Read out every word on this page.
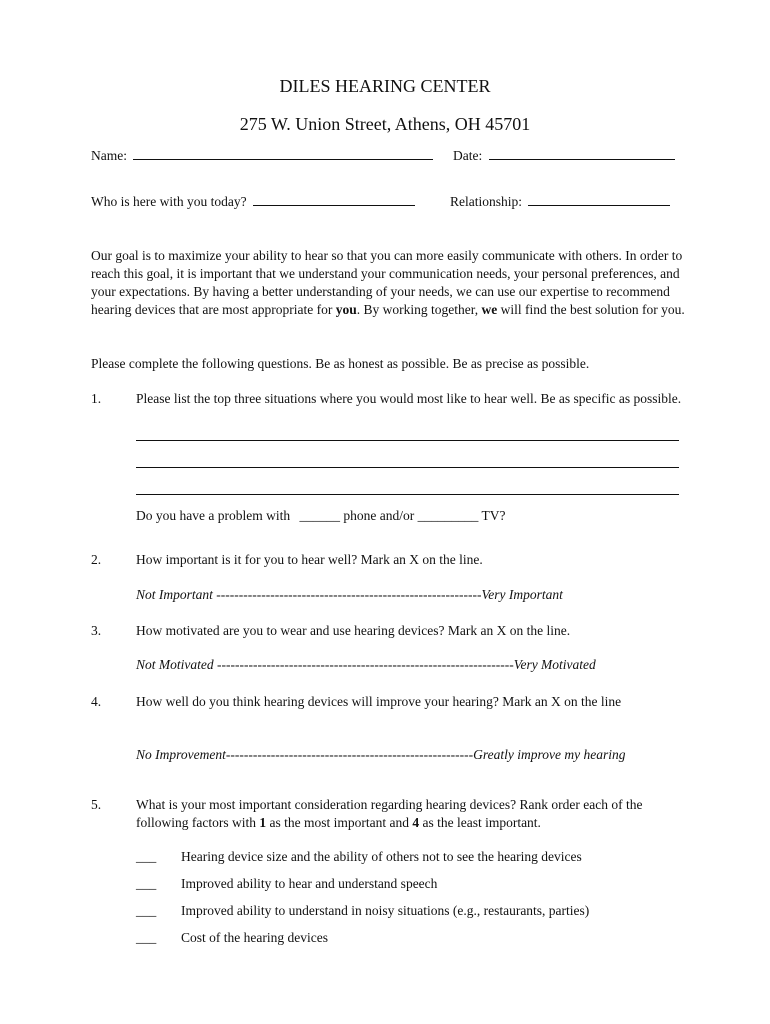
DILES HEARING CENTER
275 W. Union Street, Athens, OH 45701
Name:	Date:
Who is here with you today?	Relationship:

Our goal is to maximize your ability to hear so that you can more easily communicate with others. In order to reach this goal, it is important that we understand your communication needs, your personal preferences, and your expectations. By having a better understanding of your needs, we can use our expertise to recommend hearing devices that are most appropriate for you. By working together, we will find the best solution for you.

Please complete the following questions. Be as honest as possible. Be as precise as possible.
1.	Please list the top three situations where you would most like to hear well. Be as specific as possible.
Do you have a problem with ______ phone and/or _________ TV?
2.	How important is it for you to hear well? Mark an X on the line.
Not Important -----------------------------------------------------------Very Important
3.	How motivated are you to wear and use hearing devices? Mark an X on the line.
Not Motivated ------------------------------------------------------------------Very Motivated
4.	How well do you think hearing devices will improve your hearing? Mark an X on the line
No Improvement-------------------------------------------------------Greatly improve my hearing
5.	What is your most important consideration regarding hearing devices? Rank order each of the following factors with 1 as the most important and 4 as the least important.
___ Hearing device size and the ability of others not to see the hearing devices
___ Improved ability to hear and understand speech
___ Improved ability to understand in noisy situations (e.g., restaurants, parties)
___ Cost of the hearing devices
